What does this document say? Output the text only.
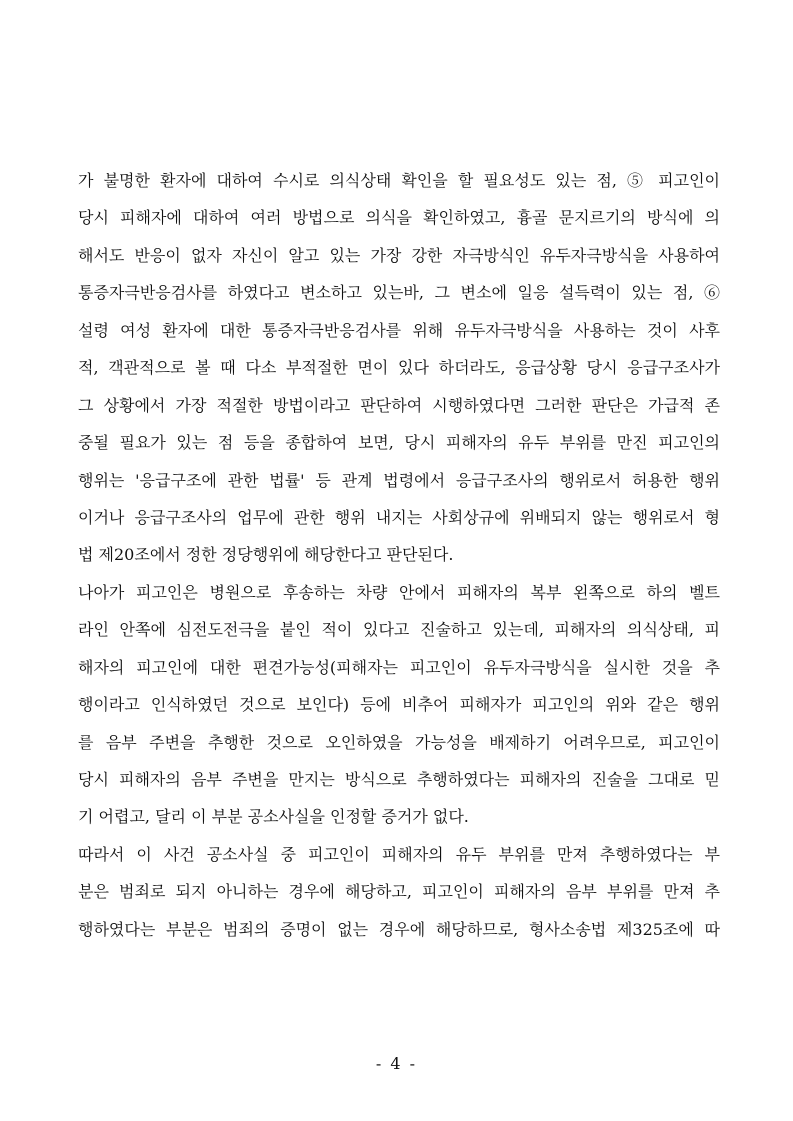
가 불명한 환자에 대하여 수시로 의식상태 확인을 할 필요성도 있는 점, ⑤ 피고인이
당시 피해자에 대하여 여러 방법으로 의식을 확인하였고, 흉골 문지르기의 방식에 의
해서도 반응이 없자 자신이 알고 있는 가장 강한 자극방식인 유두자극방식을 사용하여
통증자극반응검사를 하였다고 변소하고 있는바, 그 변소에 일응 설득력이 있는 점, ⑥
설령 여성 환자에 대한 통증자극반응검사를 위해 유두자극방식을 사용하는 것이 사후
적, 객관적으로 볼 때 다소 부적절한 면이 있다 하더라도, 응급상황 당시 응급구조사가
그 상황에서 가장 적절한 방법이라고 판단하여 시행하였다면 그러한 판단은 가급적 존
중될 필요가 있는 점 등을 종합하여 보면, 당시 피해자의 유두 부위를 만진 피고인의
행위는 '응급구조에 관한 법률' 등 관계 법령에서 응급구조사의 행위로서 허용한 행위
이거나 응급구조사의 업무에 관한 행위 내지는 사회상규에 위배되지 않는 행위로서 형
법 제20조에서 정한 정당행위에 해당한다고 판단된다.
나아가 피고인은 병원으로 후송하는 차량 안에서 피해자의 복부 왼쪽으로 하의 벨트
라인 안쪽에 심전도전극을 붙인 적이 있다고 진술하고 있는데, 피해자의 의식상태, 피
해자의 피고인에 대한 편견가능성(피해자는 피고인이 유두자극방식을 실시한 것을 추
행이라고 인식하였던 것으로 보인다) 등에 비추어 피해자가 피고인의 위와 같은 행위
를 음부 주변을 추행한 것으로 오인하였을 가능성을 배제하기 어려우므로, 피고인이
당시 피해자의 음부 주변을 만지는 방식으로 추행하였다는 피해자의 진술을 그대로 믿
기 어렵고, 달리 이 부분 공소사실을 인정할 증거가 없다.
따라서 이 사건 공소사실 중 피고인이 피해자의 유두 부위를 만져 추행하였다는 부
분은 범죄로 되지 아니하는 경우에 해당하고, 피고인이 피해자의 음부 부위를 만져 추
행하였다는 부분은 범죄의 증명이 없는 경우에 해당하므로, 형사소송법 제325조에 따
- 4 -
